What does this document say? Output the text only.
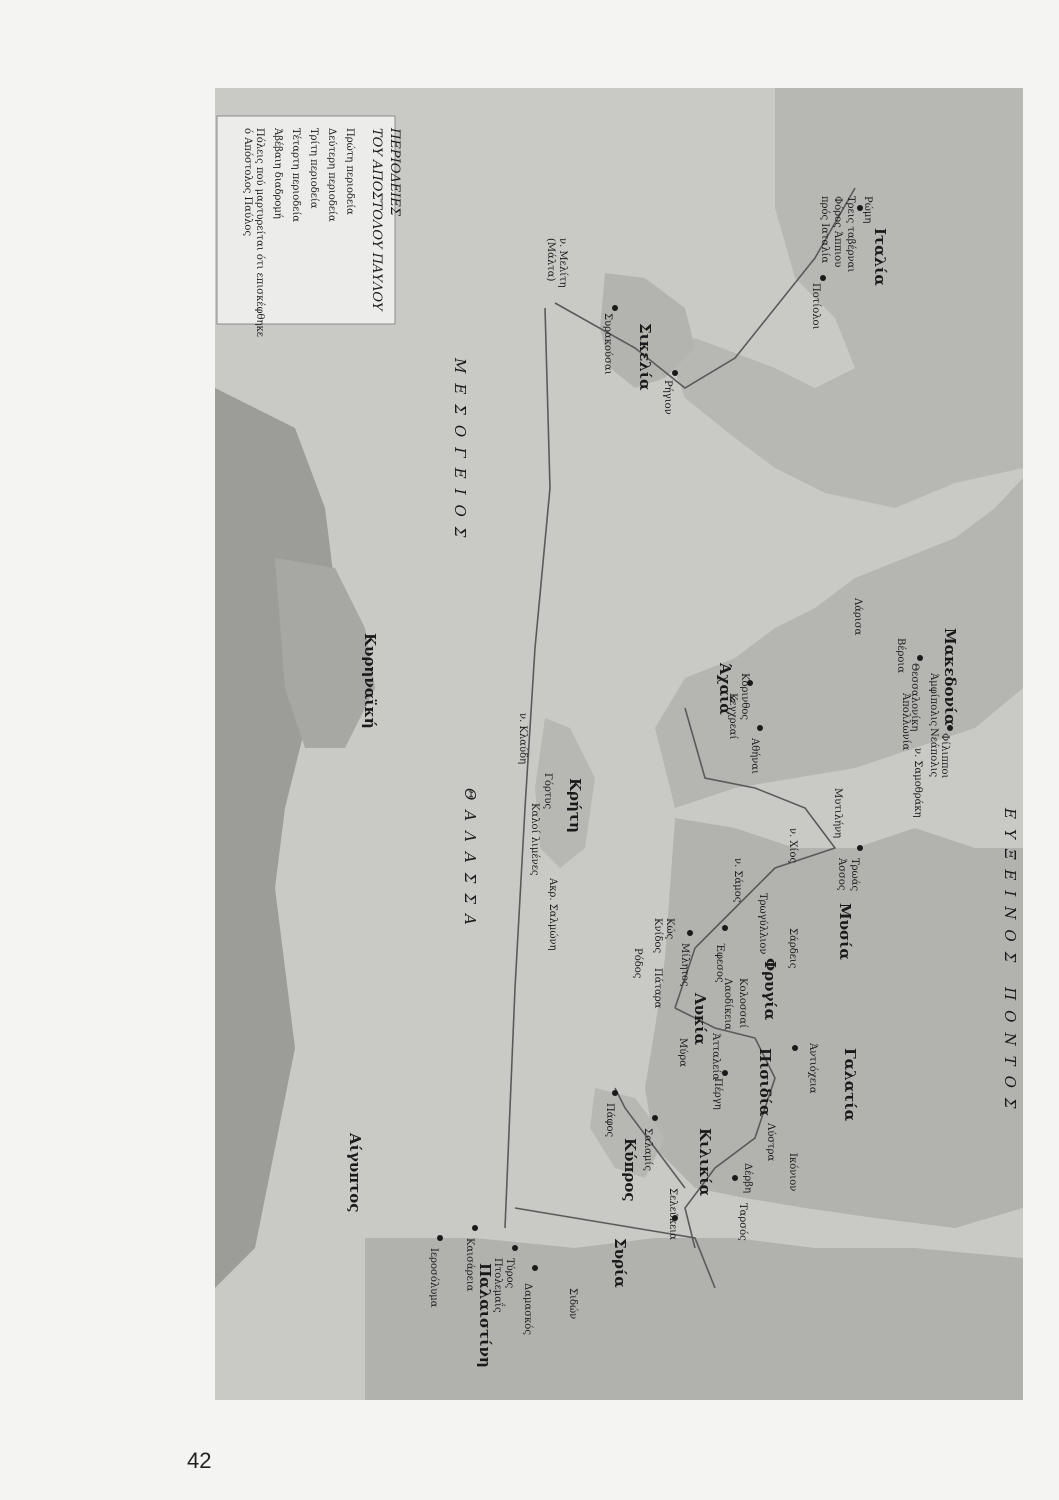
ΠΕΡΙΟΔΕΙΕΣ
ΤΟΥ ΑΠΟΣΤΟΛΟΥ ΠΑΥΛΟΥ
Πρώτη περιοδεία
Δεύτερη περιοδεία
Τρίτη περιοδεία
Τέταρτη περιοδεία
Άβέβαιη διαδρομή
Πόλεις πού μαρτυρείται ότι επισκέφθηκε
ό Απόστολος Παύλος
ΜΕΣΟΓΕΙΟΣ
ΘΑΛΑΣΣΑ	ΕΥΞΕΙΝΟΣ ΠΟΝΤΟΣ
Ιταλία
Σικελία
Μακεδονία
Άχαΐα
Κρήτη
Κυρηναϊκή
Αίγυπτος
Μυσία
Φρυγία
Γαλατία
Πισιδία
Λυκία
Κιλικία
Κύπρος
Συρία
Παλαιστίνη
Ρώμη
Τρεις ταβέρναι
Φόρος Άππιου
πρός Ιαταλία
Ποτίολοι
Ρήγιον
Συρακούσαι
ν. Μελίτη
(Μάλτα)
Φίλιπποι
Άμφίπολις
Νεάπολις
Θεσσαλονίκη
Άπολλωνία
Βέροια
ν. Σαμοθράκη
Λάρισα
Κόρινθος
Κεγχρεαί
Αθήναι
Μυτιλήνη
Τρωάς
Άσσος
ν. Χίος
ν. Σάμος
Τρωγύλλιον
Έφεσος	Σάρδεις
Μίλητος
Κώς
Κνίδος
Ρόδος
Πάταρα
Μύρα
Κολοσσαί
Λαοδίκεια
Άντιόχεια
Ικόνιον
Λύστρα
Δέρβη
Ταρσός
Άτταλεία
Πέργη
Πάφος
Σαλαμίς
Σελεύκεια
Σιδών
Δαμασκός
Τύρος
Πτολεμαΐς
Καισάρεια
Ιεροσόλυμα
ν. Κλαύδη
Γόρτυς
Καλοί λιμένες
Ακρ. Σαλμώνη
42
